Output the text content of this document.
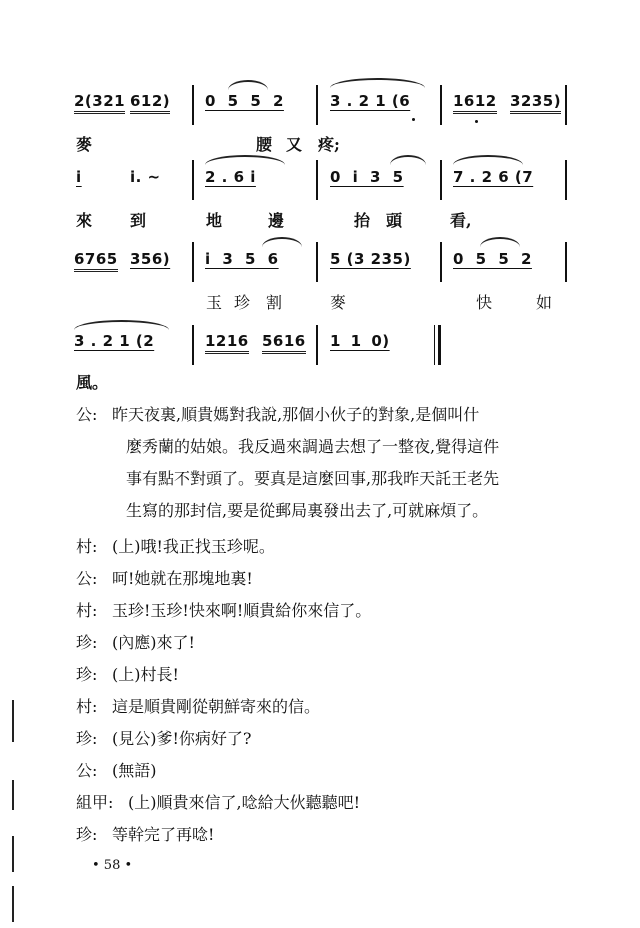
2(321 612) 0 5 5 2	3 . 2 1 (6	1612 3235)
麥	腰 又 疼;
i	i. ~	2 . 6 i	0 i 3 5	7 . 2 6 (7
來 到	地	邊	抬 頭	看,
6765 356) i 3 5 6	5 (3 235)	0 5 5 2
玉 珍 割	麥	快	如
3 . 2 1 (2	1216 5616 1 1 0)
風。
公: 昨天夜裏,順貴媽對我說,那個小伙子的對象,是個叫什
麼秀蘭的姑娘。我反過來調過去想了一整夜,覺得這件
事有點不對頭了。要真是這麼回事,那我昨天託王老先
生寫的那封信,要是從郵局裏發出去了,可就麻煩了。
村: (上)哦!我正找玉珍呢。
公: 呵!她就在那塊地裏!
村: 玉珍!玉珍!快來啊!順貴給你來信了。
珍: (內應)來了!
珍: (上)村長!
村: 這是順貴剛從朝鮮寄來的信。
珍: (見公)爹!你病好了?
公: (無語)
組甲: (上)順貴來信了,唸給大伙聽聽吧!
珍: 等幹完了再唸!
• 58 •
